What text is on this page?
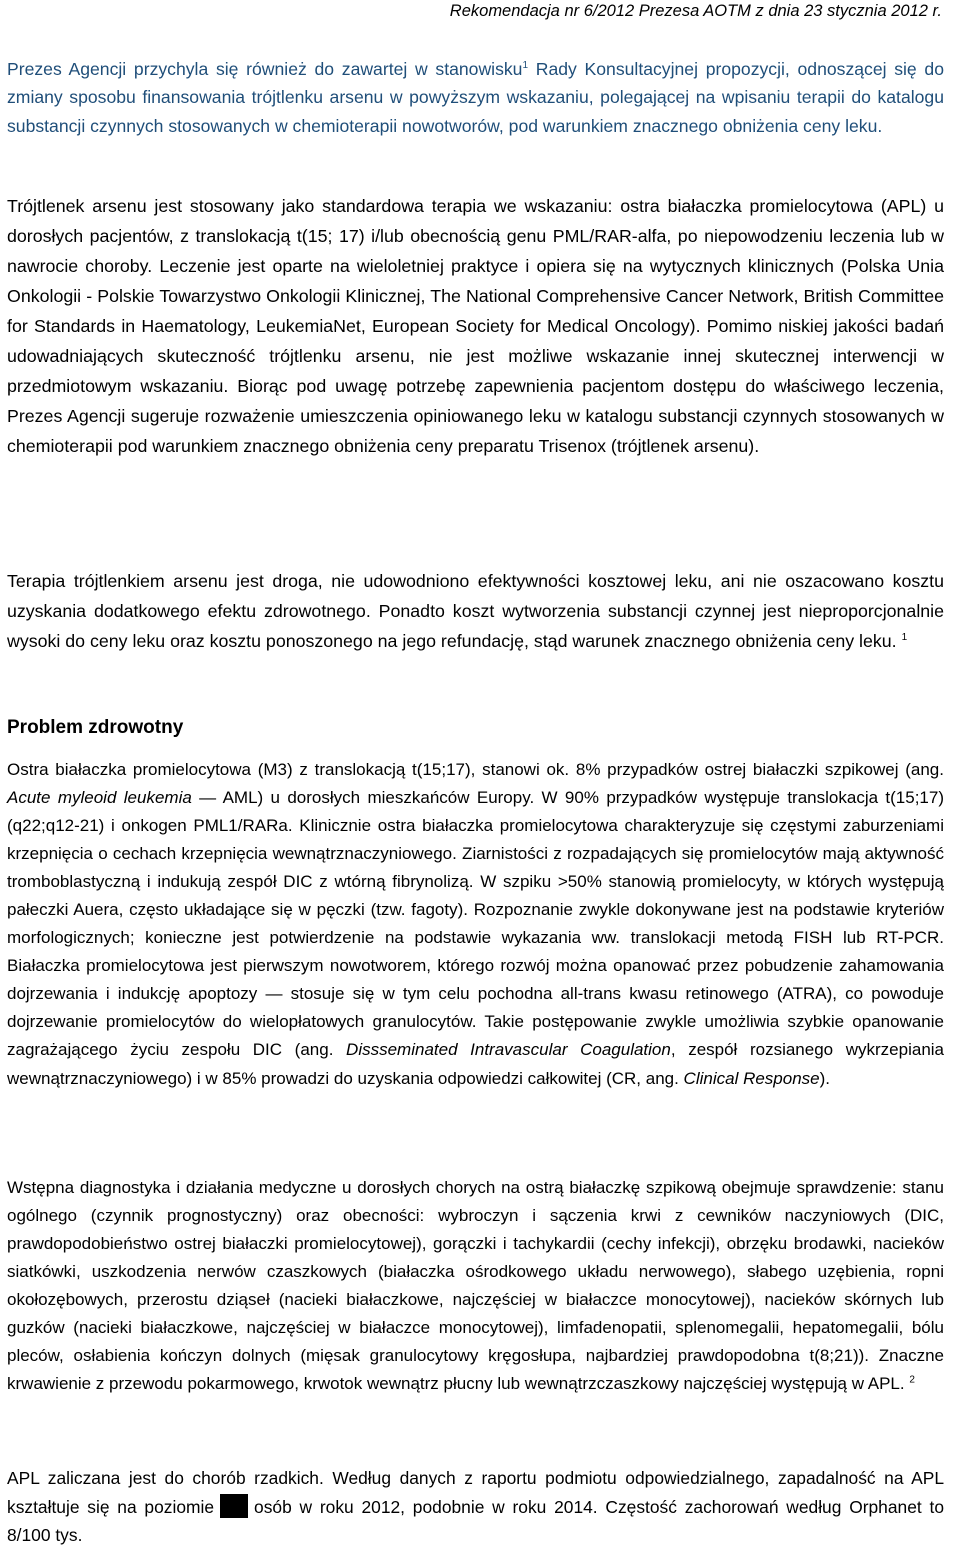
Rekomendacja nr 6/2012 Prezesa AOTM z dnia 23 stycznia 2012 r.

Prezes Agencji przychyla się również do zawartej w stanowisku$^1$ Rady Konsultacyjnej propozycji, odnoszącej się do zmiany sposobu finansowania trójtlenku arsenu w powyższym wskazaniu, polegającej na wpisaniu terapii do katalogu substancji czynnych stosowanych w chemioterapii nowotworów, pod warunkiem znacznego obniżenia ceny leku.

Trójtlenek arsenu jest stosowany jako standardowa terapia we wskazaniu: ostra białaczka promielocytowa (APL) u dorosłych pacjentów, z translokacją t(15; 17) i/lub obecnością genu PML/RAR-alfa, po niepowodzeniu leczenia lub w nawrocie choroby. Leczenie jest oparte na wieloletniej praktyce i opiera się na wytycznych klinicznych (Polska Unia Onkologii - Polskie Towarzystwo Onkologii Klinicznej, The National Comprehensive Cancer Network, British Committee for Standards in Haematology, LeukemiaNet, European Society for Medical Oncology). Pomimo niskiej jakości badań udowadniających skuteczność trójtlenku arsenu, nie jest możliwe wskazanie innej skutecznej interwencji w przedmiotowym wskazaniu. Biorąc pod uwagę potrzebę zapewnienia pacjentom dostępu do właściwego leczenia, Prezes Agencji sugeruje rozważenie umieszczenia opiniowanego leku w katalogu substancji czynnych stosowanych w chemioterapii pod warunkiem znacznego obniżenia ceny preparatu Trisenox (trójtlenek arsenu).

Terapia trójtlenkiem arsenu jest droga, nie udowodniono efektywności kosztowej leku, ani nie oszacowano kosztu uzyskania dodatkowego efektu zdrowotnego. Ponadto koszt wytworzenia substancji czynnej jest nieproporcjonalnie wysoki do ceny leku oraz kosztu ponoszonego na jego refundację, stąd warunek znacznego obniżenia ceny leku. $^1$

Problem zdrowotny

Ostra białaczka promielocytowa (M3) z translokacją t(15;17), stanowi ok. 8% przypadków ostrej białaczki szpikowej (ang. Acute myleoid leukemia — AML) u dorosłych mieszkańców Europy. W 90% przypadków występuje translokacja t(15;17) (q22;q12-21) i onkogen PML1/RARa. Klinicznie ostra białaczka promielocytowa charakteryzuje się częstymi zaburzeniami krzepnięcia o cechach krzepnięcia wewnątrznaczyniowego. Ziarnistości z rozpadających się promielocytów mają aktywność tromboblastyczną i indukują zespół DIC z wtórną fibrynolizą. W szpiku >50% stanowią promielocyty, w których występują pałeczki Auera, często układające się w pęczki (tzw. fagoty). Rozpoznanie zwykle dokonywane jest na podstawie kryteriów morfologicznych; konieczne jest potwierdzenie na podstawie wykazania ww. translokacji metodą FISH lub RT-PCR. Białaczka promielocytowa jest pierwszym nowotworem, którego rozwój można opanować przez pobudzenie zahamowania dojrzewania i indukcję apoptozy — stosuje się w tym celu pochodna all-trans kwasu retinowego (ATRA), co powoduje dojrzewanie promielocytów do wielopłatowych granulocytów. Takie postępowanie zwykle umożliwia szybkie opanowanie zagrażającego życiu zespołu DIC (ang. Dissseminated Intravascular Coagulation, zespół rozsianego wykrzepiania wewnątrznaczyniowego) i w 85% prowadzi do uzyskania odpowiedzi całkowitej (CR, ang. Clinical Response).

Wstępna diagnostyka i działania medyczne u dorosłych chorych na ostrą białaczkę szpikową obejmuje sprawdzenie: stanu ogólnego (czynnik prognostyczny) oraz obecności: wybroczyn i sączenia krwi z cewników naczyniowych (DIC, prawdopodobieństwo ostrej białaczki promielocytowej), gorączki i tachykardii (cechy infekcji), obrzęku brodawki, nacieków siatkówki, uszkodzenia nerwów czaszkowych (białaczka ośrodkowego układu nerwowego), słabego uzębienia, ropni okołozębowych, przerostu dziąseł (nacieki białaczkowe, najczęściej w białaczce monocytowej), nacieków skórnych lub guzków (nacieki białaczkowe, najczęściej w białaczce monocytowej), limfadenopatii, splenomegalii, hepatomegalii, bólu pleców, osłabienia kończyn dolnych (mięsak granulocytowy kręgosłupa, najbardziej prawdopodobna t(8;21)). Znaczne krwawienie z przewodu pokarmowego, krwotok wewnątrz płucny lub wewnątrzczaszkowy najczęściej występują w APL. $^2$

APL zaliczana jest do chorób rzadkich. Według danych z raportu podmiotu odpowiedzialnego, zapadalność na APL kształtuje się na poziomie osób w roku 2012, podobnie w roku 2014. Częstość zachorowań według Orphanet to 8/100 tys.
